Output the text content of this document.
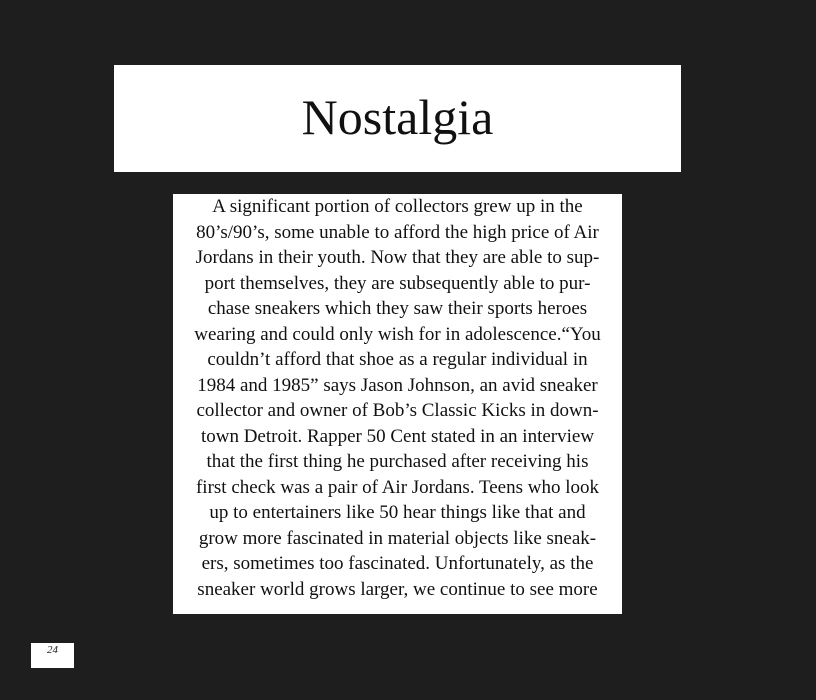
Nostalgia
A significant portion of collectors grew up in the
80’s/90’s, some unable to afford the high price of Air
Jordans in their youth. Now that they are able to sup-
port themselves, they are subsequently able to pur-
chase sneakers which they saw their sports heroes
wearing and could only wish for in adolescence.“You
couldn’t afford that shoe as a regular individual in
1984 and 1985” says Jason Johnson, an avid sneaker
collector and owner of Bob’s Classic Kicks in down-
town Detroit. Rapper 50 Cent stated in an interview
that the first thing he purchased after receiving his
first check was a pair of Air Jordans. Teens who look
up to entertainers like 50 hear things like that and
grow more fascinated in material objects like sneak-
ers, sometimes too fascinated. Unfortunately, as the
sneaker world grows larger, we continue to see more
24
